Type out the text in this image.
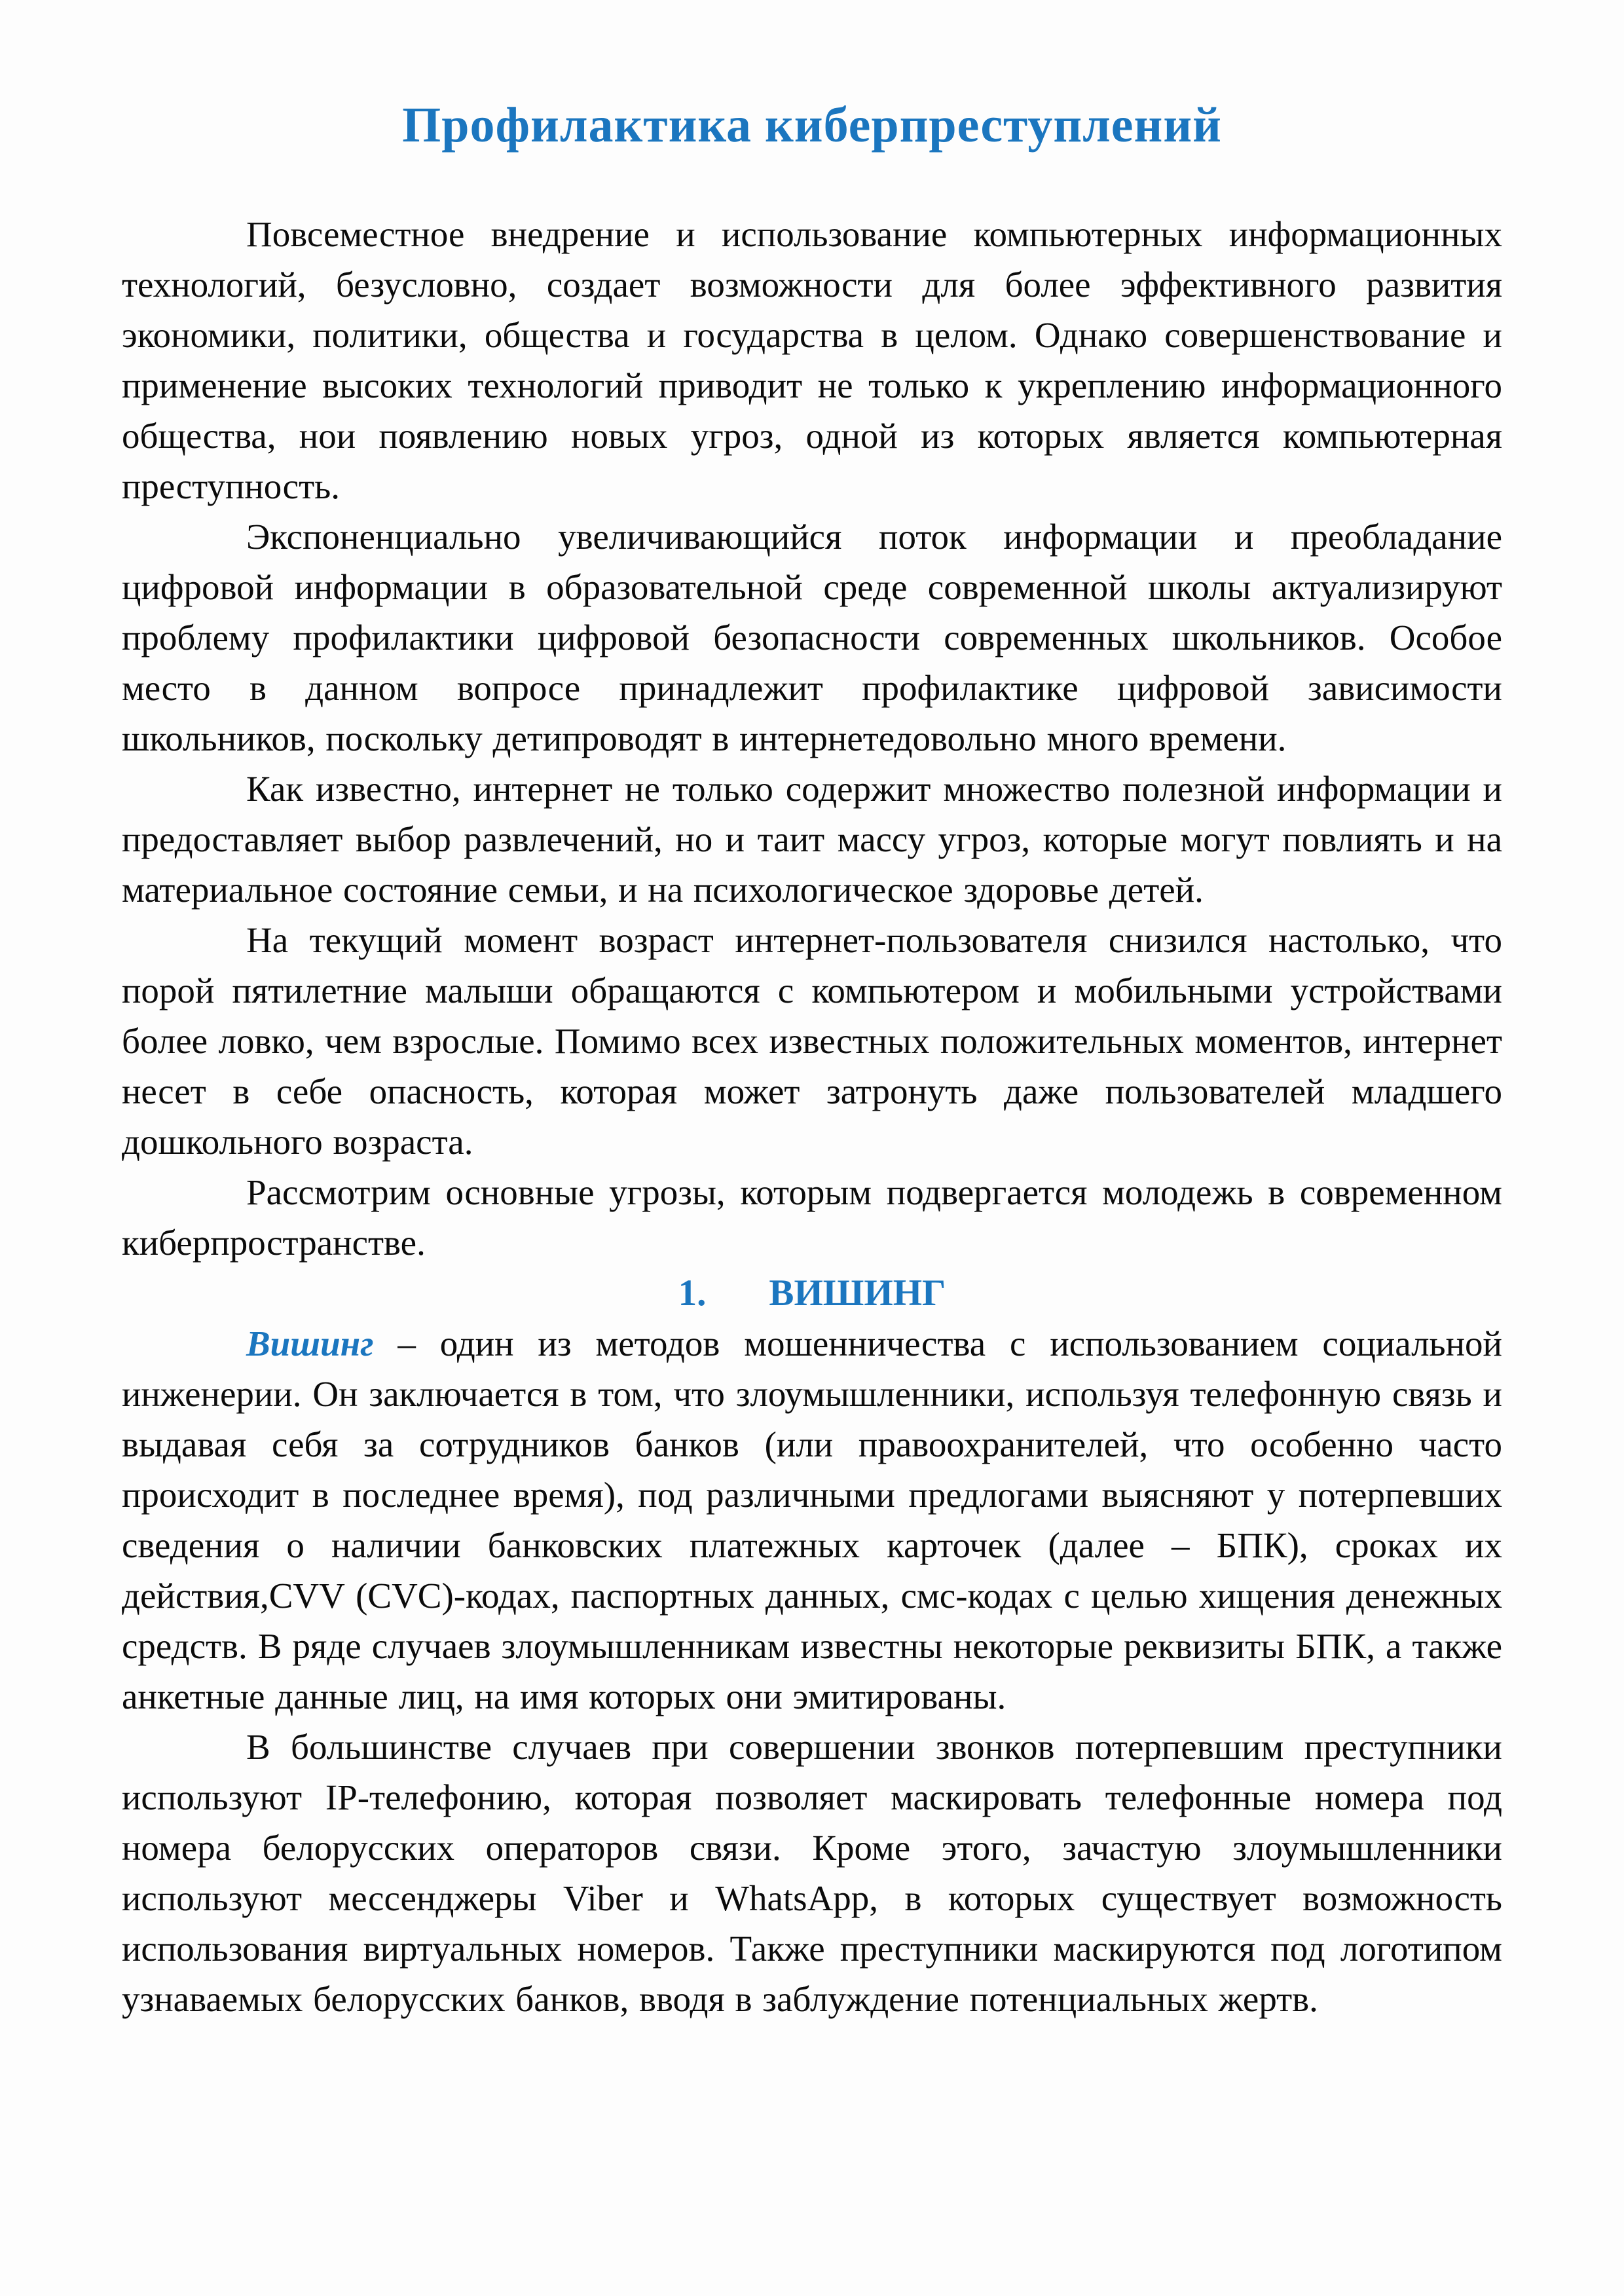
Профилактика киберпреступлений

Повсеместное внедрение и использование компьютерных информационных технологий, безусловно, создает возможности для более эффективного развития экономики, политики, общества и государства в целом. Однако совершенствование и применение высоких технологий приводит не только к укреплению информационного общества, нои появлению новых угроз, одной из которых является компьютерная преступность.

Экспоненциально увеличивающийся поток информации и преобладание цифровой информации в образовательной среде современной школы актуализируют проблему профилактики цифровой безопасности современных школьников. Особое место в данном вопросе принадлежит профилактике цифровой зависимости школьников, поскольку детипроводят в интернетедовольно много времени.

Как известно, интернет не только содержит множество полезной информации и предоставляет выбор развлечений, но и таит массу угроз, которые могут повлиять и на материальное состояние семьи, и на психологическое здоровье детей.

На текущий момент возраст интернет-пользователя снизился настолько, что порой пятилетние малыши обращаются с компьютером и мобильными устройствами более ловко, чем взрослые. Помимо всех известных положительных моментов, интернет несет в себе опасность, которая может затронуть даже пользователей младшего дошкольного возраста.

Рассмотрим основные угрозы, которым подвергается молодежь в современном киберпространстве.

1. ВИШИНГ

Вишинг – один из методов мошенничества с использованием социальной инженерии. Он заключается в том, что злоумышленники, используя телефонную связь и выдавая себя за сотрудников банков (или правоохранителей, что особенно часто происходит в последнее время), под различными предлогами выясняют у потерпевших сведения о наличии банковских платежных карточек (далее – БПК), сроках их действия,CVV (CVC)-кодах, паспортных данных, смс-кодах с целью хищения денежных средств. В ряде случаев злоумышленникам известны некоторые реквизиты БПК, а также анкетные данные лиц, на имя которых они эмитированы.

В большинстве случаев при совершении звонков потерпевшим преступники используют IP-телефонию, которая позволяет маскировать телефонные номера под номера белорусских операторов связи. Кроме этого, зачастую злоумышленники используют мессенджеры Viber и WhatsApp, в которых существует возможность использования виртуальных номеров. Также преступники маскируются под логотипом узнаваемых белорусских банков, вводя в заблуждение потенциальных жертв.
